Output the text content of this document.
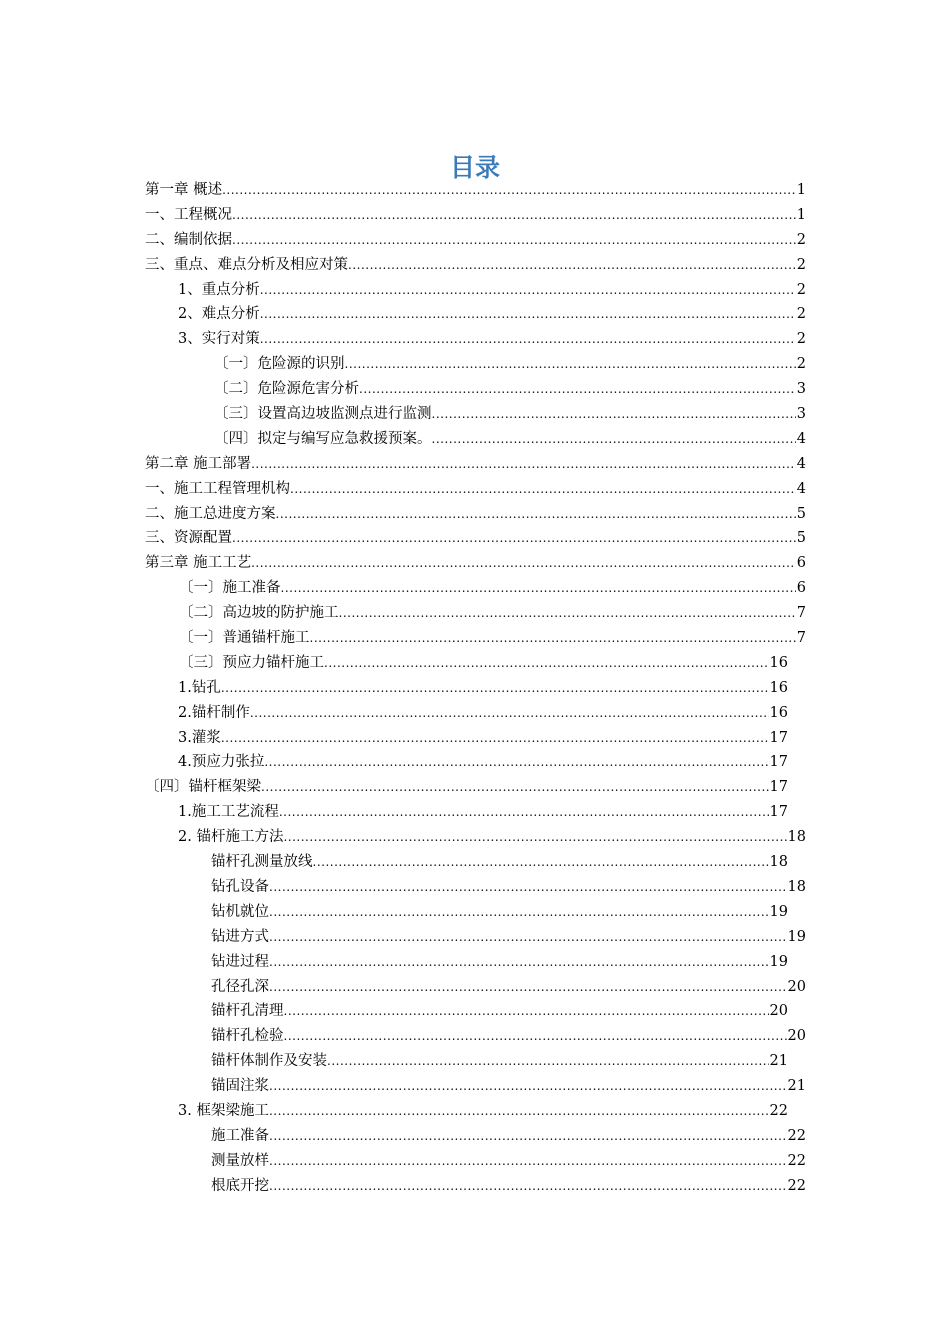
目录
第一章 概述 .....	1
一、工程概况 .....	1
二、编制依据 .....	2
三、重点、难点分析及相应对策 .....	2
1、重点分析 .....	2
2、难点分析 .....	2
3、实行对策 .....	2
〔一〕危险源的识别 .....	2
〔二〕危险源危害分析 .....	3
〔三〕设置高边坡监测点进行监测 .....	3
〔四〕拟定与编写应急救援预案。 .....	4
第二章 施工部署 .....	4
一、施工工程管理机构 .....	4
二、施工总进度方案 .....	5
三、资源配置 .....	5
第三章 施工工艺 .....	6
〔一〕施工准备 .....	6
〔二〕高边坡的防护施工 .....	7
〔一〕普通锚杆施工 .....	7
〔三〕预应力锚杆施工 .....	16
1.钻孔 .....	16
2.锚杆制作 .....	16
3.灌浆 .....	17
4.预应力张拉 .....	17
〔四〕锚杆框架梁 .....	17
1.施工工艺流程 .....	17
2. 锚杆施工方法 .....	18
锚杆孔测量放线 .....	18
钻孔设备 .....	18
钻机就位 .....	19
钻进方式 .....	19
钻进过程 .....	19
孔径孔深 .....	20
锚杆孔清理 .....	20
锚杆孔检验 .....	20
锚杆体制作及安装 .....	21
锚固注浆 .....	21
3. 框架梁施工 .....	22
施工准备 .....	22
测量放样 .....	22
根底开挖 .....	22
